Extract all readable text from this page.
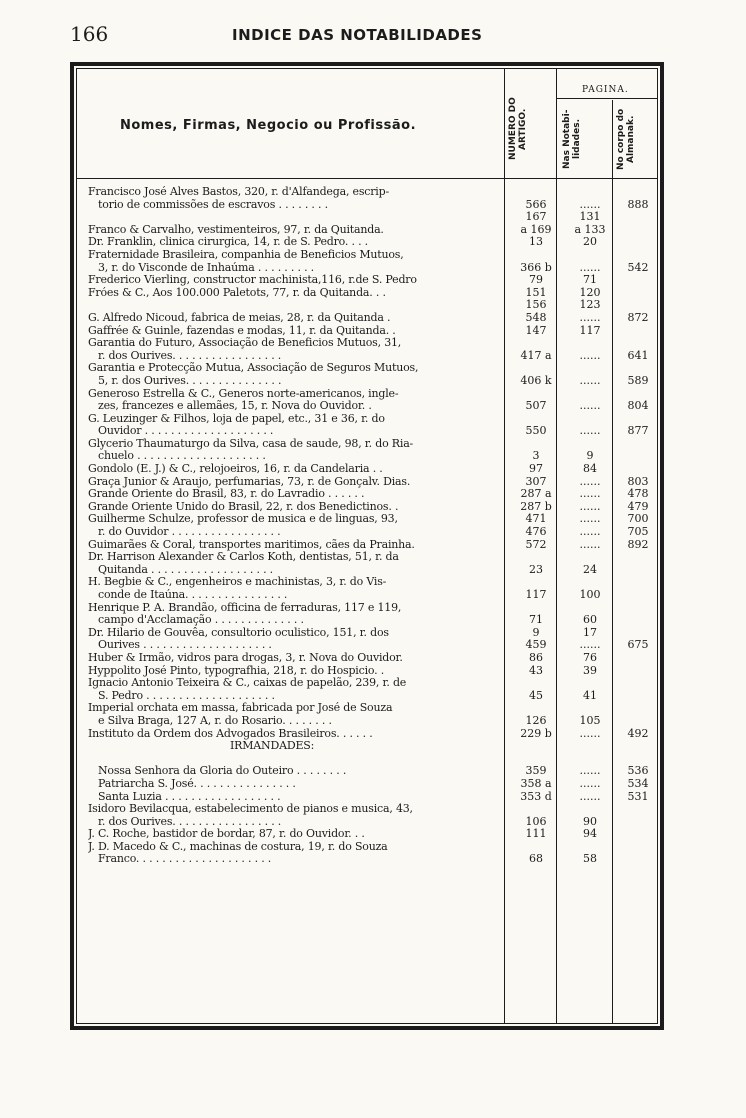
166	INDICE DAS NOTABILIDADES
Nomes, Firmas, Negocio ou Profissão.	NUMERO DO ARTIGO.
PAGINA.
Nas Notabi-lidades.	No corpo do Almanak.
Francisco José Alves Bastos, 320, r. d'Alfandega, escrip-
torio de commissões de escravos . . . . . . . .	566	......	888
167	131
Franco & Carvalho, vestimenteiros, 97, r. da Quitanda.	a 169	a 133
Dr. Franklin, clinica cirurgica, 14, r. de S. Pedro. . . .	13	20
Fraternidade Brasileira, companhia de Beneficios Mutuos,
3, r. do Visconde de Inhaúma . . . . . . . . .	366 b	......	542
Frederico Vierling, constructor machinista,116, r.de S. Pedro	79	71
Fróes & C., Aos 100.000 Paletots, 77, r. da Quitanda. . .	151	120
156	123
G. Alfredo Nicoud, fabrica de meias, 28, r. da Quitanda .	548	......	872
Gaffrée & Guinle, fazendas e modas, 11, r. da Quitanda. .	147	117
Garantia do Futuro, Associação de Beneficios Mutuos, 31,
r. dos Ourives. . . . . . . . . . . . . . . . .	417 a	......	641
Garantia e Protecção Mutua, Associação de Seguros Mutuos,
5, r. dos Ourives. . . . . . . . . . . . . . .	406 k	......	589
Generoso Estrella & C., Generos norte-americanos, ingle-
zes, francezes e allemães, 15, r. Nova do Ouvidor. .	507	......	804
G. Leuzinger & Filhos, loja de papel, etc., 31 e 36, r. do
Ouvidor . . . . . . . . . . . . . . . . . . . .	550	......	877
Glycerio Thaumaturgo da Silva, casa de saude, 98, r. do Ria-
chuelo . . . . . . . . . . . . . . . . . . . .	3	9
Gondolo (E. J.) & C., relojoeiros, 16, r. da Candelaria . .	97	84
Graça Junior & Araujo, perfumarias, 73, r. de Gonçalv. Dias.	307	......	803
Grande Oriente do Brasil, 83, r. do Lavradio . . . . . .	287 a	......	478
Grande Oriente Unido do Brasil, 22, r. dos Benedictinos. .	287 b	......	479
Guilherme Schulze, professor de musica e de linguas, 93,	471	......	700
r. do Ouvidor . . . . . . . . . . . . . . . . .	476	......	705
Guimarães & Coral, transportes maritimos, cães da Prainha.	572	......	892
Dr. Harrison Alexander & Carlos Koth, dentistas, 51, r. da
Quitanda . . . . . . . . . . . . . . . . . . .	23	24
H. Begbie & C., engenheiros e machinistas, 3, r. do Vis-
conde de Itaúna. . . . . . . . . . . . . . . .	117	100
Henrique P. A. Brandão, officina de ferraduras, 117 e 119,
campo d'Acclamação . . . . . . . . . . . . . .	71	60
Dr. Hilario de Gouvêa, consultorio oculistico, 151, r. dos	9	17
Ourives . . . . . . . . . . . . . . . . . . . .	459	......	675
Huber & Irmão, vidros para drogas, 3, r. Nova do Ouvidor.	86	76
Hyppolito José Pinto, typografhia, 218, r. do Hospicio. .	43	39
Ignacio Antonio Teixeira & C., caixas de papelão, 239, r. de
S. Pedro . . . . . . . . . . . . . . . . . . . .	45	41
Imperial orchata em massa, fabricada por José de Souza
e Silva Braga, 127 A, r. do Rosario. . . . . . . .	126	105
Instituto da Ordem dos Advogados Brasileiros. . . . . .	229 b	......	492
IRMANDADES:
Nossa Senhora da Gloria do Outeiro . . . . . . . .	359	......	536
Patriarcha S. José. . . . . . . . . . . . . . . .	358 a	......	534
Santa Luzia . . . . . . . . . . . . . . . . . .	353 d	......	531
Isidoro Bevilacqua, estabelecimento de pianos e musica, 43,
r. dos Ourives. . . . . . . . . . . . . . . . .	106	90
J. C. Roche, bastidor de bordar, 87, r. do Ouvidor. . .	111	94
J. D. Macedo & C., machinas de costura, 19, r. do Souza
Franco. . . . . . . . . . . . . . . . . . . . .	68	58
